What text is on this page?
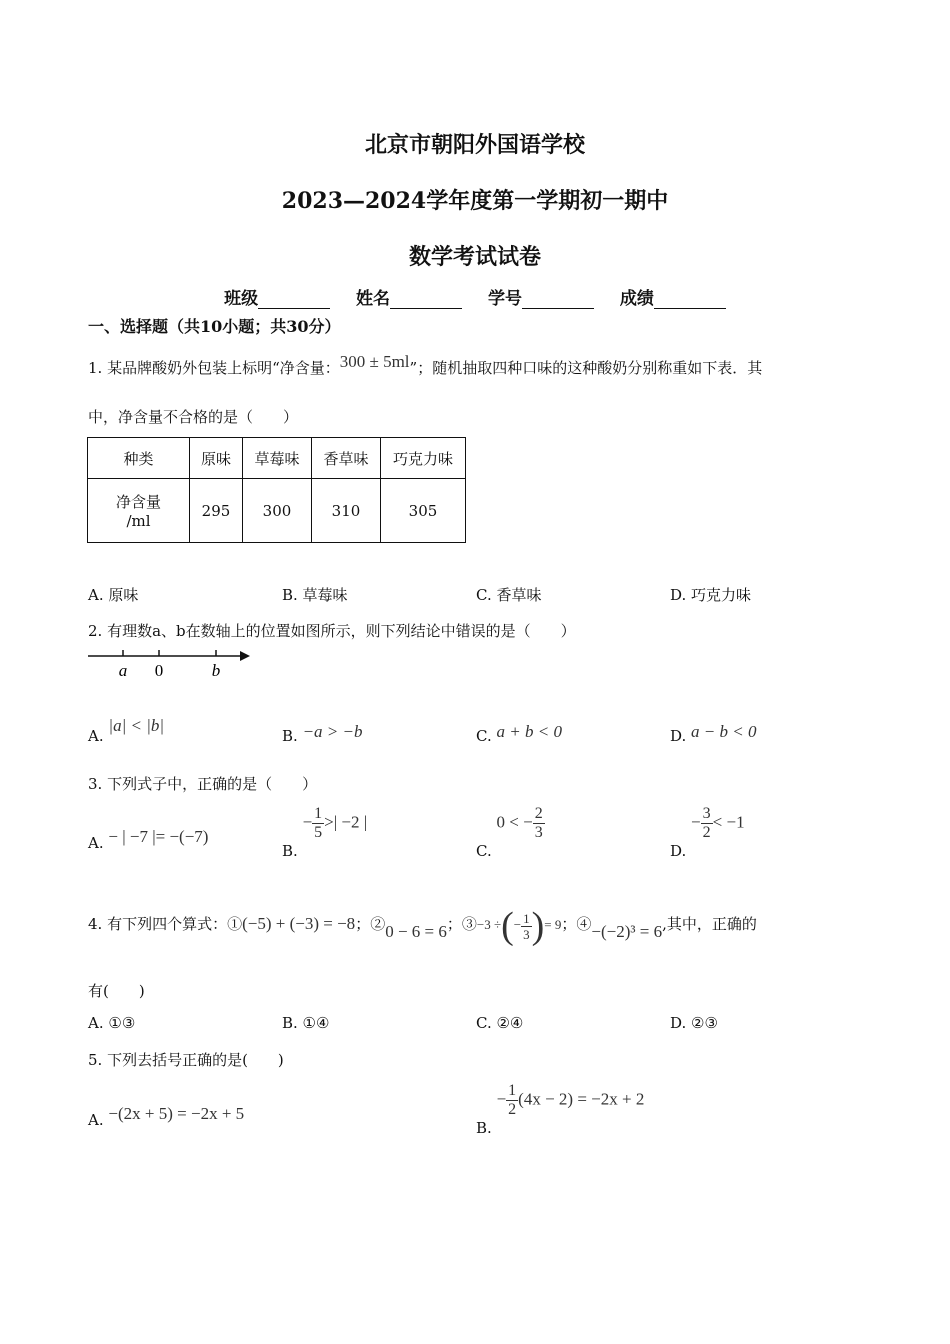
北京市朝阳外国语学校
2023—2024学年度第一学期初一期中
数学考试试卷
班级	姓名	学号	成绩
一、选择题（共10小题；共30分）
1. 某品牌酸奶外包装上标明“净含量：300 ± 5ml”；随机抽取四种口味的这种酸奶分别称重如下表．其
中，净含量不合格的是（　　）
种类	原味	草莓味	香草味	巧克力味

净含量
/ml	295	300	310	305
A. 原味	B. 草莓味	C. 香草味	D. 巧克力味
2. 有理数a、b在数轴上的位置如图所示，则下列结论中错误的是（　　）
a 0	b
A. |a| < |b|
B. −a > −b	C. a + b < 0	D. a − b < 0
3. 下列式子中，正确的是（　　）
A. − | −7 |= −(−7)
B. − $\frac{1}{5}$ >| −2 |
C. 0 < − $\frac{2}{3}$
D. − $\frac{3}{2} < -1$
4. 有下列四个算式：①(−5) + (−3) = −8；②0 − 6 = 6；③−3 ÷(− $\frac{1}{3}$ )= 9；④−(−2)³ = 6,其中，正确的
有(　　)
A. ①③	B. ①④	C. ②④	D. ②③
5. 下列去括号正确的是(　　)
A. −(2x + 5) = −2x + 5
B. − $\frac{1}{2} (4x - 2) = -2x + 2$
